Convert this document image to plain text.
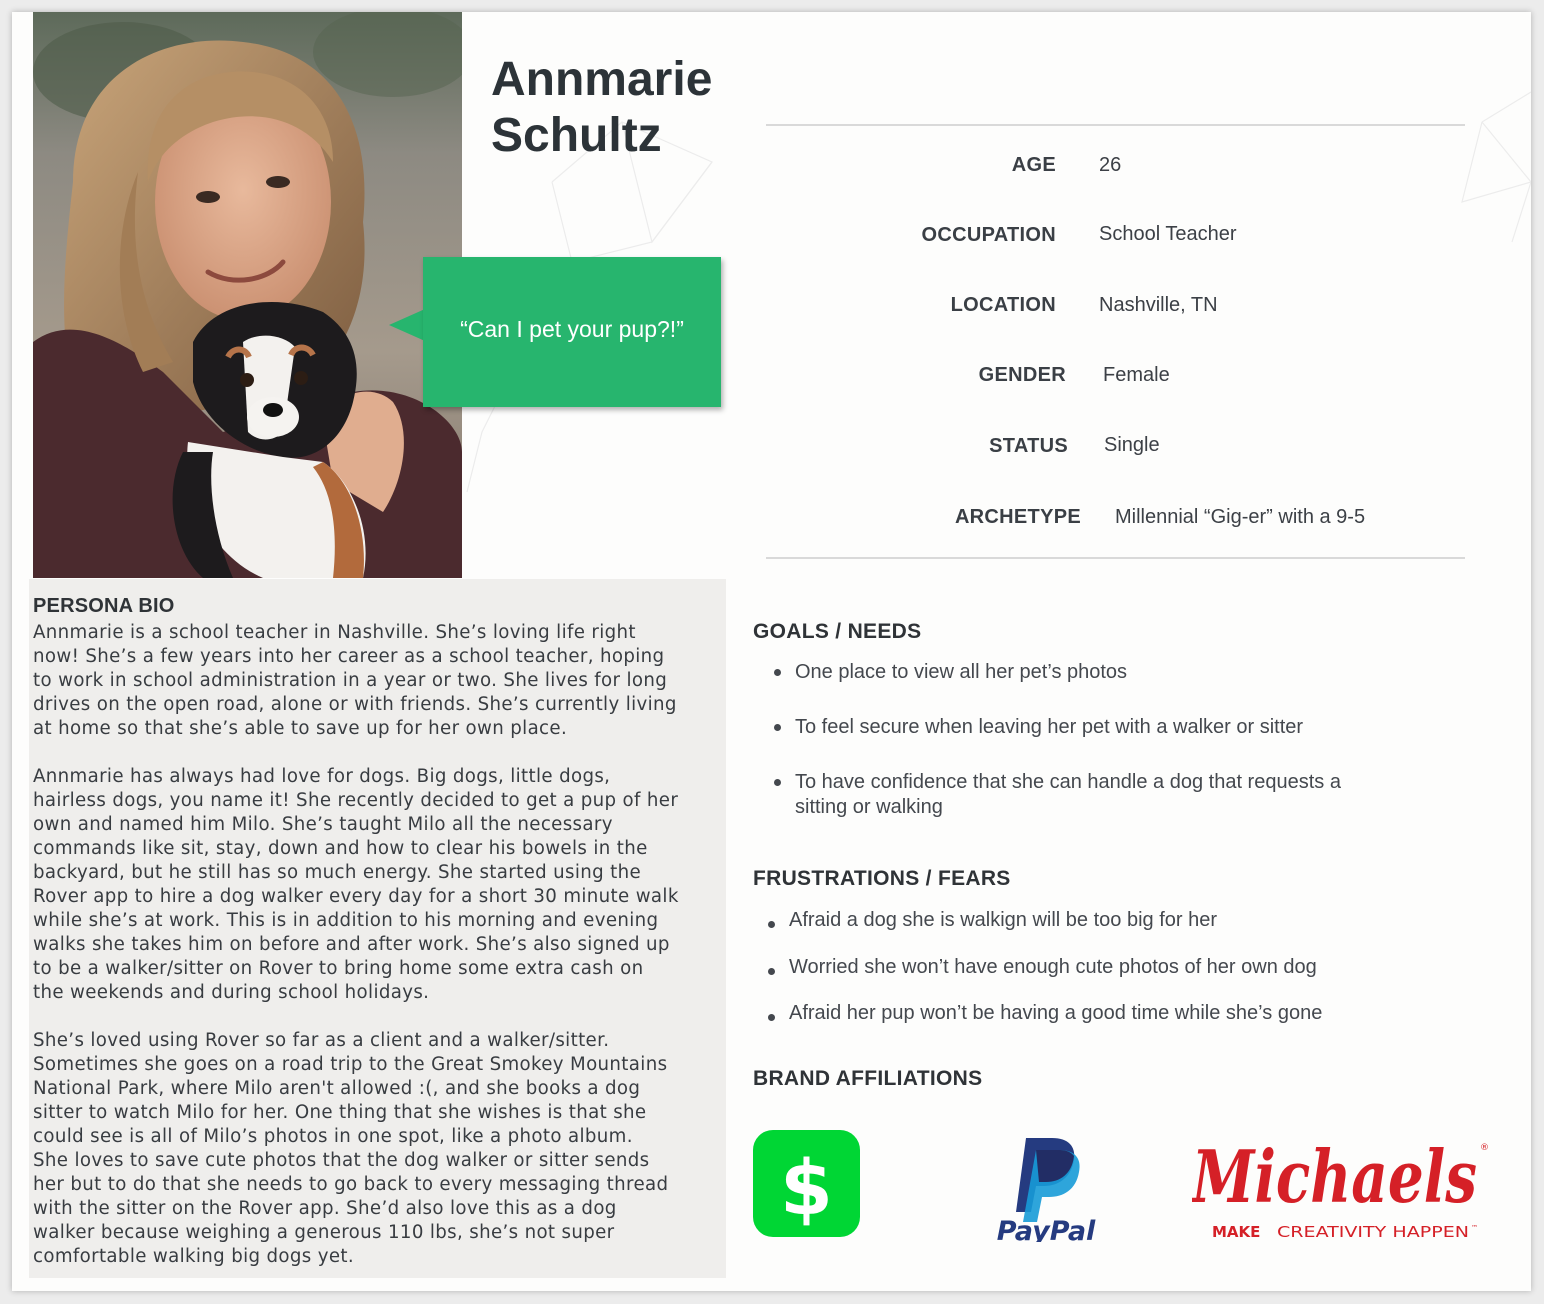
Annmarie
Schultz
“Can I pet your pup?!”
AGE 26
OCCUPATION School Teacher
LOCATION Nashville, TN
GENDER Female
STATUS Single
ARCHETYPE Millennial “Gig-er” with a 9-5
PERSONA BIO

Annmarie is a school teacher in Nashville. She’s loving life right
now! She’s a few years into her career as a school teacher, hoping
to work in school administration in a year or two. She lives for long
drives on the open road, alone or with friends. She’s currently living
at home so that she’s able to save up for her own place.

Annmarie has always had love for dogs. Big dogs, little dogs,
hairless dogs, you name it! She recently decided to get a pup of her
own and named him Milo. She’s taught Milo all the necessary
commands like sit, stay, down and how to clear his bowels in the
backyard, but he still has so much energy. She started using the
Rover app to hire a dog walker every day for a short 30 minute walk
while she’s at work. This is in addition to his morning and evening
walks she takes him on before and after work. She’s also signed up
to be a walker/sitter on Rover to bring home some extra cash on
the weekends and during school holidays.

She’s loved using Rover so far as a client and a walker/sitter.
Sometimes she goes on a road trip to the Great Smokey Mountains
National Park, where Milo aren't allowed :(, and she books a dog
sitter to watch Milo for her. One thing that she wishes is that she
could see is all of Milo’s photos in one spot, like a photo album.
She loves to save cute photos that the dog walker or sitter sends
her but to do that she needs to go back to every messaging thread
with the sitter on the Rover app. She’d also love this as a dog
walker because weighing a generous 110 lbs, she’s not super
comfortable walking big dogs yet.

GOALS / NEEDS
One place to view all her pet’s photos
To feel secure when leaving her pet with a walker or sitter
To have confidence that she can handle a dog that requests a sitting or walking
FRUSTRATIONS / FEARS
Afraid a dog she is walkign will be too big for her
Worried she won’t have enough cute photos of her own dog
Afraid her pup won’t be having a good time while she’s gone
BRAND AFFILIATIONS
$	PayPal
Michaels ®
MAKE CREATIVITY HAPPEN ™
